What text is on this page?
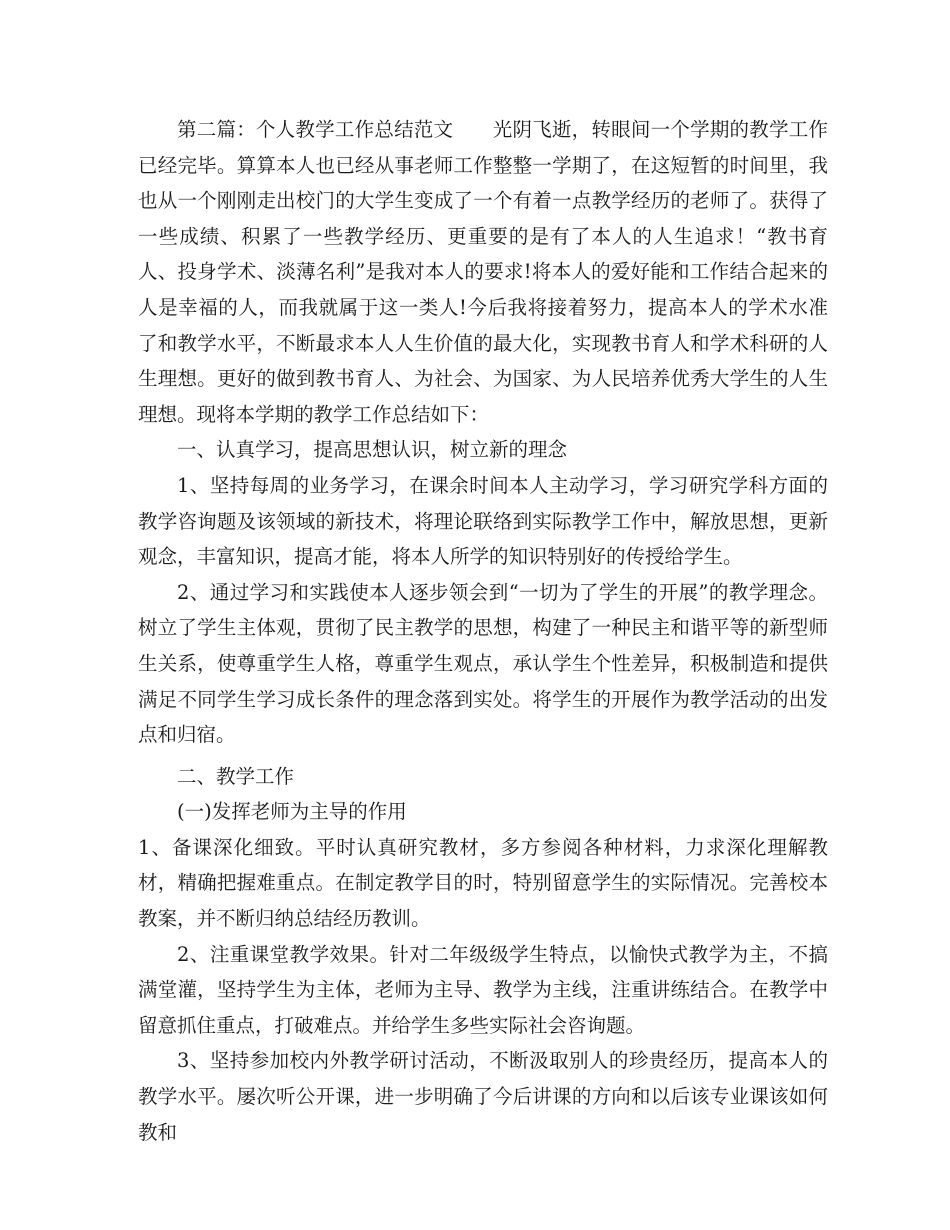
第二篇：个人教学工作总结范文　　光阴飞逝，转眼间一个学期的教学工作已经完毕。算算本人也已经从事老师工作整整一学期了，在这短暂的时间里，我也从一个刚刚走出校门的大学生变成了一个有着一点教学经历的老师了。获得了一些成绩、积累了一些教学经历、更重要的是有了本人的人生追求！“教书育人、投身学术、淡薄名利”是我对本人的要求!将本人的爱好能和工作结合起来的人是幸福的人，而我就属于这一类人!今后我将接着努力，提高本人的学术水准了和教学水平，不断最求本人人生价值的最大化，实现教书育人和学术科研的人生理想。更好的做到教书育人、为社会、为国家、为人民培养优秀大学生的人生理想。现将本学期的教学工作总结如下：

一、认真学习，提高思想认识，树立新的理念

1、坚持每周的业务学习，在课余时间本人主动学习，学习研究学科方面的教学咨询题及该领域的新技术，将理论联络到实际教学工作中，解放思想，更新观念，丰富知识，提高才能，将本人所学的知识特别好的传授给学生。

2、通过学习和实践使本人逐步领会到“一切为了学生的开展”的教学理念。树立了学生主体观，贯彻了民主教学的思想，构建了一种民主和谐平等的新型师生关系，使尊重学生人格，尊重学生观点，承认学生个性差异，积极制造和提供满足不同学生学习成长条件的理念落到实处。将学生的开展作为教学活动的出发点和归宿。

二、教学工作

(一)发挥老师为主导的作用

1、备课深化细致。平时认真研究教材，多方参阅各种材料，力求深化理解教材，精确把握难重点。在制定教学目的时，特别留意学生的实际情况。完善校本教案，并不断归纳总结经历教训。

2、注重课堂教学效果。针对二年级级学生特点，以愉快式教学为主，不搞满堂灌，坚持学生为主体，老师为主导、教学为主线，注重讲练结合。在教学中留意抓住重点，打破难点。并给学生多些实际社会咨询题。

3、坚持参加校内外教学研讨活动，不断汲取别人的珍贵经历，提高本人的教学水平。屡次听公开课，进一步明确了今后讲课的方向和以后该专业课该如何教和
